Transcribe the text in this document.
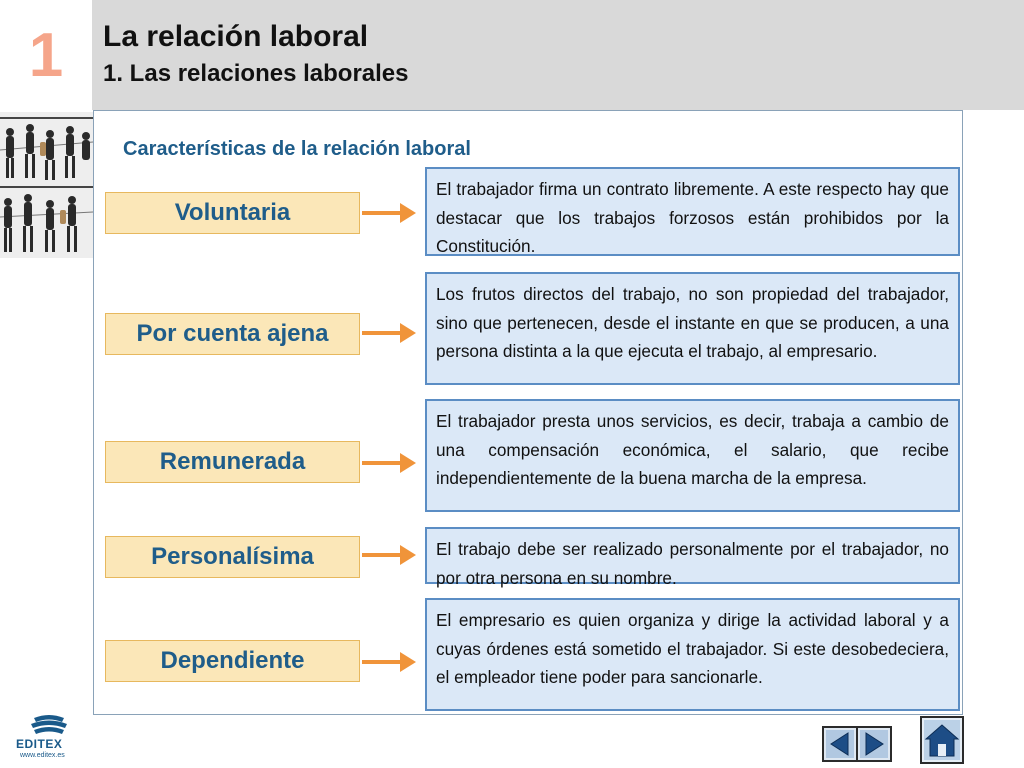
1	La relación laboral
1. Las relaciones laborales
Características de la relación laboral
Voluntaria
El trabajador firma un contrato libremente. A este respecto hay que destacar que los trabajos forzosos están prohibidos por la Constitución.
Por cuenta ajena
Los frutos directos del trabajo, no son propiedad del trabajador, sino que pertenecen, desde el instante en que se producen, a una persona distinta a la que ejecuta el trabajo, al empresario.
Remunerada
El trabajador presta unos servicios, es decir, trabaja a cambio de una compensación económica, el salario, que recibe independientemente de la buena marcha de la empresa.
Personalísima	El trabajo debe ser realizado personalmente por el trabajador, no por otra persona en su nombre.
Dependiente
El empresario es quien organiza y dirige la actividad laboral y a cuyas órdenes está sometido el trabajador. Si este desobedeciera, el empleador tiene poder para sancionarle.
EDITEX
www.editex.es
